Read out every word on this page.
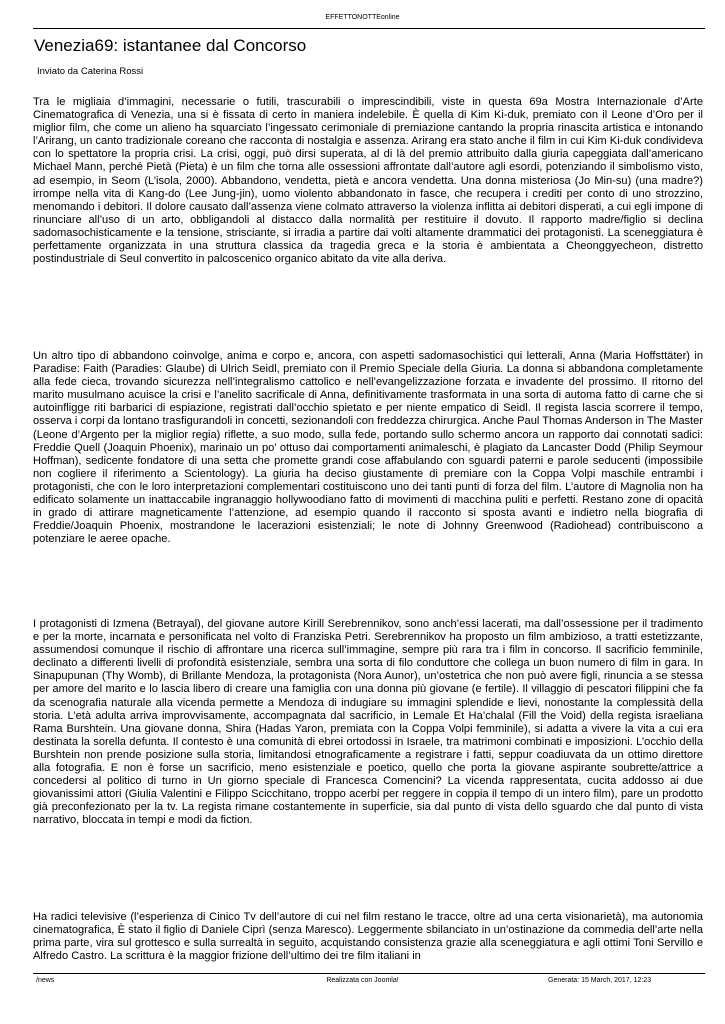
EFFETTONOTTEonline
Venezia69: istantanee dal Concorso
Inviato da Caterina Rossi

Tra le migliaia d’immagini, necessarie o futili, trascurabili o imprescindibili, viste in questa 69a Mostra Internazionale d’Arte Cinematografica di Venezia, una si è fissata di certo in maniera indelebile. È quella di Kim Ki-duk, premiato con il Leone d’Oro per il miglior film, che come un alieno ha squarciato l’ingessato cerimoniale di premiazione cantando la propria rinascita artistica e intonando l’Arirang, un canto tradizionale coreano che racconta di nostalgia e assenza. Arirang era stato anche il film in cui Kim Ki-duk condivideva con lo spettatore la propria crisi. La crisi, oggi, può dirsi superata, al di là del premio attribuito dalla giuria capeggiata dall’americano Michael Mann, perché Pietà (Pieta) è un film che torna alle ossessioni affrontate dall’autore agli esordi, potenziando il simbolismo visto, ad esempio, in Seom (L’isola, 2000). Abbandono, vendetta, pietà e ancora vendetta. Una donna misteriosa (Jo Min-su) (una madre?) irrompe nella vita di Kang-do (Lee Jung-jin), uomo violento abbandonato in fasce, che recupera i crediti per conto di uno strozzino, menomando i debitori. Il dolore causato dall’assenza viene colmato attraverso la violenza inflitta ai debitori disperati, a cui egli impone di rinunciare all’uso di un arto, obbligandoli al distacco dalla normalità per restituire il dovuto. Il rapporto madre/figlio si declina sadomasochisticamente e la tensione, strisciante, si irradia a partire dai volti altamente drammatici dei protagonisti. La sceneggiatura è perfettamente organizzata in una struttura classica da tragedia greca e la storia è ambientata a Cheonggyecheon, distretto postindustriale di Seul convertito in palcoscenico organico abitato da vite alla deriva.

Un altro tipo di abbandono coinvolge, anima e corpo e, ancora, con aspetti sadomasochistici qui letterali, Anna (Maria Hoffsttäter) in Paradise: Faith (Paradies: Glaube) di Ulrich Seidl, premiato con il Premio Speciale della Giuria. La donna si abbandona completamente alla fede cieca, trovando sicurezza nell’integralismo cattolico e nell’evangelizzazione forzata e invadente del prossimo. Il ritorno del marito musulmano acuisce la crisi e l’anelito sacrificale di Anna, definitivamente trasformata in una sorta di automa fatto di carne che si autoinfligge riti barbarici di espiazione, registrati dall’occhio spietato e per niente empatico di Seidl. Il regista lascia scorrere il tempo, osserva i corpi da lontano trasfigurandoli in concetti, sezionandoli con freddezza chirurgica. Anche Paul Thomas Anderson in The Master (Leone d’Argento per la miglior regia) riflette, a suo modo, sulla fede, portando sullo schermo ancora un rapporto dai connotati sadici: Freddie Quell (Joaquin Phoenix), marinaio un po’ ottuso dai comportamenti animaleschi, è plagiato da Lancaster Dodd (Philip Seymour Hoffman), sedicente fondatore di una setta che promette grandi cose affabulando con sguardi paterni e parole seducenti (impossibile non cogliere il riferimento a Scientology). La giuria ha deciso giustamente di premiare con la Coppa Volpi maschile entrambi i protagonisti, che con le loro interpretazioni complementari costituiscono uno dei tanti punti di forza del film. L’autore di Magnolia non ha edificato solamente un inattaccabile ingranaggio hollywoodiano fatto di movimenti di macchina puliti e perfetti. Restano zone di opacità in grado di attirare magneticamente l’attenzione, ad esempio quando il racconto si sposta avanti e indietro nella biografia di Freddie/Joaquin Phoenix, mostrandone le lacerazioni esistenziali; le note di Johnny Greenwood (Radiohead) contribuiscono a potenziare le aeree opache.

I protagonisti di Izmena (Betrayal), del giovane autore Kirill Serebrennikov, sono anch’essi lacerati, ma dall’ossessione per il tradimento e per la morte, incarnata e personificata nel volto di Franziska Petri. Serebrennikov ha proposto un film ambizioso, a tratti estetizzante, assumendosi comunque il rischio di affrontare una ricerca sull’immagine, sempre più rara tra i film in concorso. Il sacrificio femminile, declinato a differenti livelli di profondità esistenziale, sembra una sorta di filo conduttore che collega un buon numero di film in gara. In Sinapupunan (Thy Womb), di Brillante Mendoza, la protagonista (Nora Aunor), un’ostetrica che non può avere figli, rinuncia a se stessa per amore del marito e lo lascia libero di creare una famiglia con una donna più giovane (e fertile). Il villaggio di pescatori filippini che fa da scenografia naturale alla vicenda permette a Mendoza di indugiare su immagini splendide e lievi, nonostante la complessità della storia. L’età adulta arriva improvvisamente, accompagnata dal sacrificio, in Lemale Et Ha’chalal (Fill the Void) della regista israeliana Rama Burshtein. Una giovane donna, Shira (Hadas Yaron, premiata con la Coppa Volpi femminile), si adatta a vivere la vita a cui era destinata la sorella defunta. Il contesto è una comunità di ebrei ortodossi in Israele, tra matrimoni combinati e imposizioni. L’occhio della Burshtein non prende posizione sulla storia, limitandosi etnograficamente a registrare i fatti, seppur coadiuvata da un ottimo direttore alla fotografia. E non è forse un sacrificio, meno esistenziale e poetico, quello che porta la giovane aspirante soubrette/attrice a concedersi al politico di turno in Un giorno speciale di Francesca Comencini? La vicenda rappresentata, cucita addosso ai due giovanissimi attori (Giulia Valentini e Filippo Scicchitano, troppo acerbi per reggere in coppia il tempo di un intero film), pare un prodotto già preconfezionato per la tv. La regista rimane costantemente in superficie, sia dal punto di vista dello sguardo che dal punto di vista narrativo, bloccata in tempi e modi da fiction.

Ha radici televisive (l’esperienza di Cinico Tv dell’autore di cui nel film restano le tracce, oltre ad una certa visionarietà), ma autonomia cinematografica, È stato il figlio di Daniele Ciprì (senza Maresco). Leggermente sbilanciato in un’ostinazione da commedia dell’arte nella prima parte, vira sul grottesco e sulla surrealtà in seguito, acquistando consistenza grazie alla sceneggiatura e agli ottimi Toni Servillo e Alfredo Castro. La scrittura è la maggior frizione dell’ultimo dei tre film italiani in

/news	Realizzata con Joomla!	Generata: 15 March, 2017, 12:23
